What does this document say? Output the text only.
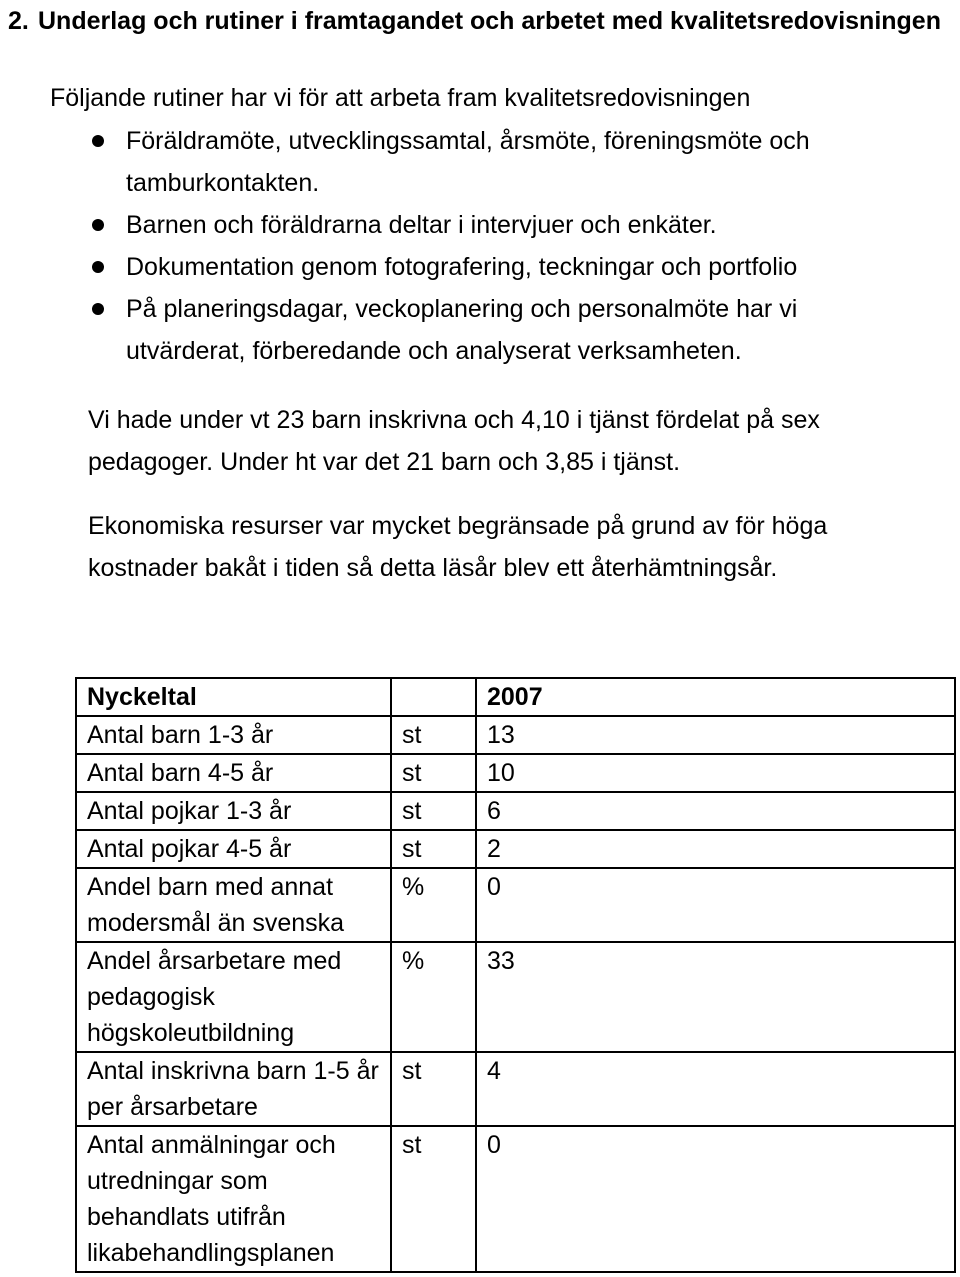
2. Underlag och rutiner i framtagandet och arbetet med kvalitetsredovisningen
Följande rutiner har vi för att arbeta fram kvalitetsredovisningen
Föräldramöte, utvecklingssamtal, årsmöte, föreningsmöte och tamburkontakten.
Barnen och föräldrarna deltar i intervjuer och enkäter.
Dokumentation genom fotografering, teckningar och portfolio
På planeringsdagar, veckoplanering och personalmöte har vi utvärderat, förberedande och analyserat verksamheten.

Vi hade under vt 23 barn inskrivna och 4,10 i tjänst fördelat på sex pedagoger. Under ht var det 21 barn och 3,85 i tjänst.

Ekonomiska resurser var mycket begränsade på grund av för höga kostnader bakåt i tiden så detta läsår blev ett återhämtningsår.

Nyckeltal		2007
Antal barn 1-3 år	st	13
Antal barn 4-5 år	st	10
Antal pojkar 1-3 år	st	6
Antal pojkar 4-5 år	st	2
Andel barn med annat modersmål än svenska	%	0
Andel årsarbetare med pedagogisk högskoleutbildning	%	33
Antal inskrivna barn 1-5 år per årsarbetare	st	4
Antal anmälningar och utredningar som behandlats utifrån likabehandlingsplanen	st	0
